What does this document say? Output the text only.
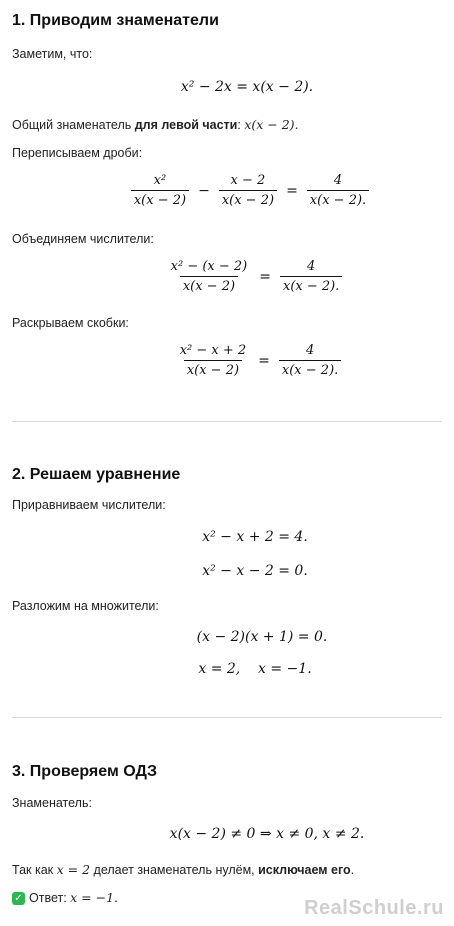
1. Приводим знаменатели

Заметим, что:

x² − 2x = x(x − 2).

Общий знаменатель для левой части: x(x − 2).

Переписываем дроби:

$\frac{\text{x²}}{x(x - 2)} - \frac{x - 2}{x(x - 2)} = \frac{4}{x(x - 2).}$

Объединяем числители:

$\frac{\text{x² − (x − 2)}}{x(x - 2)} = \frac{4}{x(x - 2).}$

Раскрываем скобки:

$\frac{\text{x² − x + 2}}{x(x - 2)} = \frac{4}{x(x - 2).}$
2. Решаем уравнение

Приравниваем числители:

x² − x + 2 = 4.
x² − x − 2 = 0.

Разложим на множители:

(x − 2)(x + 1) = 0.
x = 2,    x = −1.
3. Проверяем ОДЗ

Знаменатель:

x(x − 2) ≠ 0 ⇒ x ≠ 0, x ≠ 2.

Так как x = 2 делает знаменатель нулём, исключаем его.

✓ Ответ: x = −1.	RealSchule.ru
